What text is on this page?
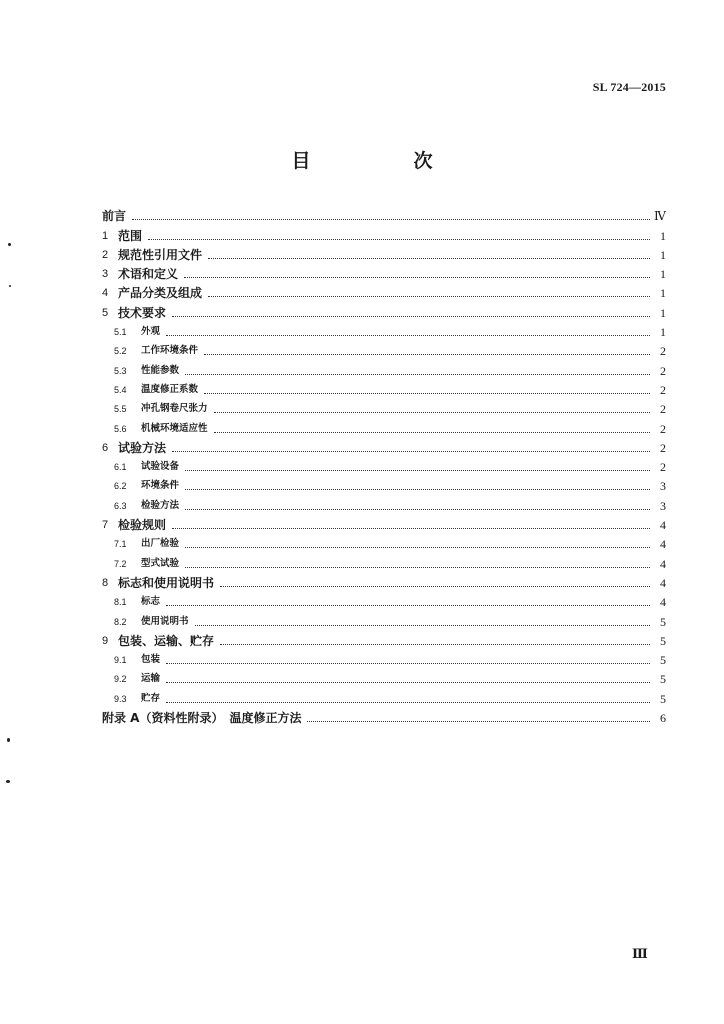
SL 724—2015
目　次
前言	Ⅳ
1 范围	1
2 规范性引用文件	1
3 术语和定义	1
4 产品分类及组成	1
5 技术要求	1
5.1	外观	1
5.2	工作环境条件	2
5.3	性能参数	2
5.4	温度修正系数	2
5.5	冲孔钢卷尺张力	2
5.6	机械环境适应性	2
6 试验方法	2
6.1	试验设备	2
6.2	环境条件	3
6.3	检验方法	3
7 检验规则	4
7.1	出厂检验	4
7.2	型式试验	4
8 标志和使用说明书	4
8.1	标志	4
8.2	使用说明书	5
9 包装、运输、贮存	5
9.1	包装	5
9.2	运输	5
9.3	贮存	5
附录 A（资料性附录）　温度修正方法	6
Ⅲ
